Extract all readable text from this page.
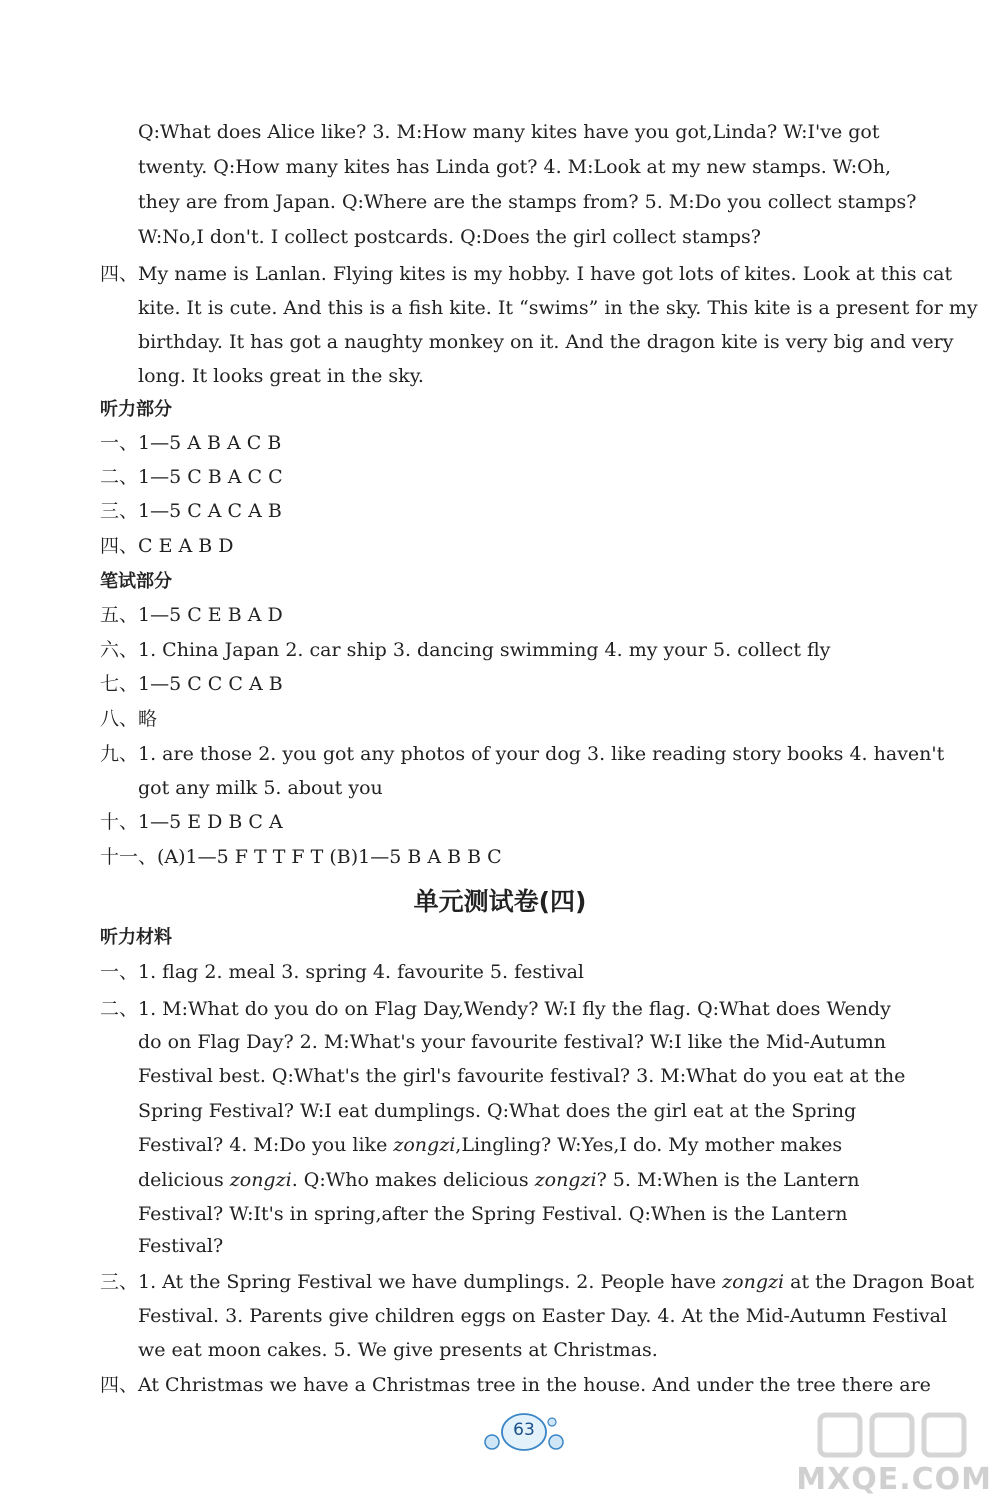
Q:What does Alice like? 3. M:How many kites have you got,Linda? W:I've got
twenty. Q:How many kites has Linda got? 4. M:Look at my new stamps. W:Oh,
they are from Japan. Q:Where are the stamps from? 5. M:Do you collect stamps?
W:No,I don't. I collect postcards. Q:Does the girl collect stamps?
四、My name is Lanlan. Flying kites is my hobby. I have got lots of kites. Look at this cat
kite. It is cute. And this is a fish kite. It “swims” in the sky. This kite is a present for my
birthday. It has got a naughty monkey on it. And the dragon kite is very big and very
long. It looks great in the sky.
听力部分
一、1—5 A B A C B
二、1—5 C B A C C
三、1—5 C A C A B
四、C E A B D
笔试部分
五、1—5 C E B A D
六、1. China Japan 2. car ship 3. dancing swimming 4. my your 5. collect fly
七、1—5 C C C A B
八、略
九、1. are those 2. you got any photos of your dog 3. like reading story books 4. haven't
got any milk 5. about you
十、1—5 E D B C A
十一、(A)1—5 F T T F T (B)1—5 B A B B C
单元测试卷(四)
听力材料
一、1. flag 2. meal 3. spring 4. favourite 5. festival
二、1. M:What do you do on Flag Day,Wendy? W:I fly the flag. Q:What does Wendy
do on Flag Day? 2. M:What's your favourite festival? W:I like the Mid-Autumn
Festival best. Q:What's the girl's favourite festival? 3. M:What do you eat at the
Spring Festival? W:I eat dumplings. Q:What does the girl eat at the Spring
Festival? 4. M:Do you like zongzi,Lingling? W:Yes,I do. My mother makes
delicious zongzi. Q:Who makes delicious zongzi? 5. M:When is the Lantern
Festival? W:It's in spring,after the Spring Festival. Q:When is the Lantern
Festival?
三、1. At the Spring Festival we have dumplings. 2. People have zongzi at the Dragon Boat
Festival. 3. Parents give children eggs on Easter Day. 4. At the Mid-Autumn Festival
we eat moon cakes. 5. We give presents at Christmas.
四、At Christmas we have a Christmas tree in the house. And under the tree there are
63
MXQE.COM
